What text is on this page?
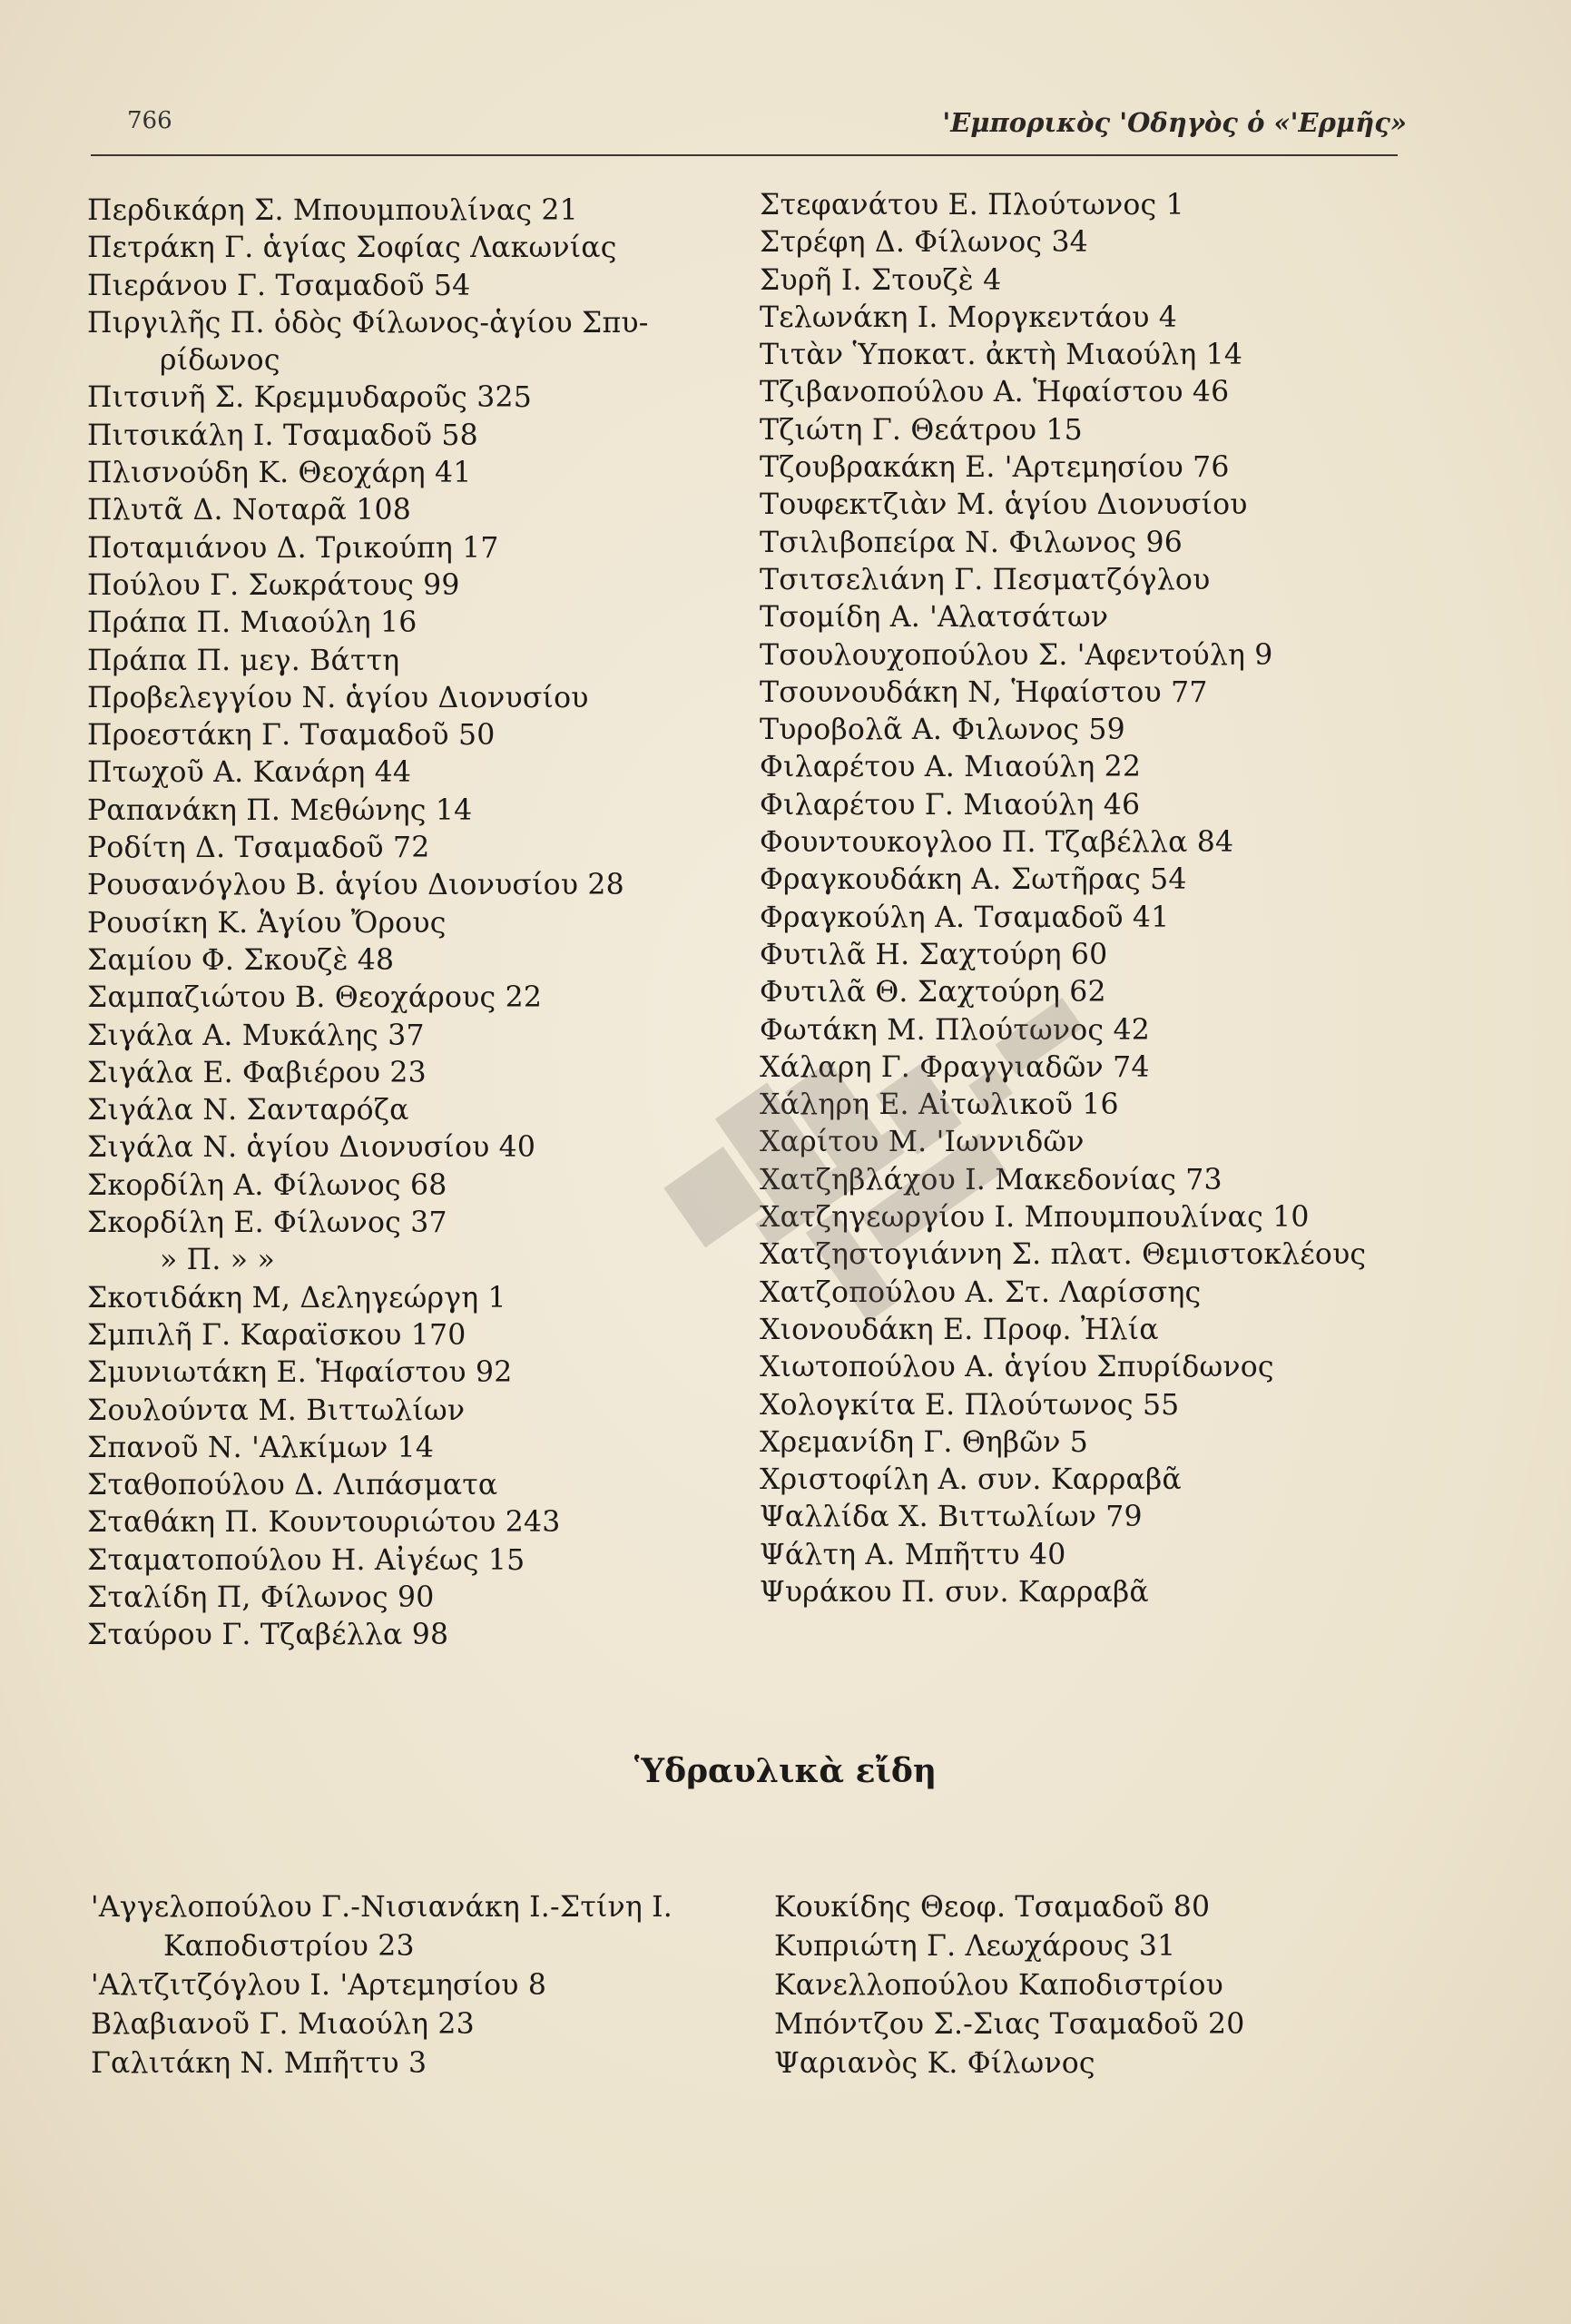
766	'Εμπορικὸς 'Οδηγὸς ὁ «'Ερμῆς»
Περδικάρη Σ. Μπουμπουλίνας 21
Πετράκη Γ. ἁγίας Σοφίας Λακωνίας
Πιεράνου Γ. Τσαμαδοῦ 54
Πιργιλῆς Π. ὁδὸς Φίλωνος-ἁγίου Σπυ-
ρίδωνος
Πιτσινῆ Σ. Κρεμμυδαροῦς 325
Πιτσικάλη Ι. Τσαμαδοῦ 58
Πλισνούδη Κ. Θεοχάρη 41
Πλυτᾶ Δ. Νοταρᾶ 108
Ποταμιάνου Δ. Τρικούπη 17
Πούλου Γ. Σωκράτους 99
Πράπα Π. Μιαούλη 16
Πράπα Π. μεγ. Βάττη
Προβελεγγίου Ν. ἁγίου Διονυσίου
Προεστάκη Γ. Τσαμαδοῦ 50
Πτωχοῦ Α. Κανάρη 44
Ραπανάκη Π. Μεθώνης 14
Ροδίτη Δ. Τσαμαδοῦ 72
Ρουσανόγλου Β. ἁγίου Διονυσίου 28
Ρουσίκη Κ. Ἁγίου Ὄρους
Σαμίου Φ. Σκουζὲ 48
Σαμπαζιώτου Β. Θεοχάρους 22
Σιγάλα Α. Μυκάλης 37
Σιγάλα Ε. Φαβιέρου 23
Σιγάλα Ν. Σανταρόζα
Σιγάλα Ν. ἁγίου Διονυσίου 40
Σκορδίλη Α. Φίλωνος 68
Σκορδίλη Ε. Φίλωνος 37
» Π. » »
Σκοτιδάκη Μ, Δεληγεώργη 1
Σμπιλῆ Γ. Καραϊσκου 170
Σμυνιωτάκη Ε. Ἡφαίστου 92
Σουλούντα Μ. Βιττωλίων
Σπανοῦ Ν. 'Αλκίμων 14
Σταθοπούλου Δ. Λιπάσματα
Σταθάκη Π. Κουντουριώτου 243
Σταματοπούλου Η. Αἰγέως 15
Σταλίδη Π, Φίλωνος 90
Σταύρου Γ. Τζαβέλλα 98
Στεφανάτου Ε. Πλούτωνος 1
Στρέφη Δ. Φίλωνος 34
Συρῆ Ι. Στουζὲ 4
Τελωνάκη Ι. Μοργκεντάου 4
Τιτὰν Ὑποκατ. ἀκτὴ Μιαούλη 14
Τζιβανοπούλου Α. Ἡφαίστου 46
Τζιώτη Γ. Θεάτρου 15
Τζουβρακάκη Ε. 'Αρτεμησίου 76
Τουφεκτζιὰν Μ. ἁγίου Διονυσίου
Τσιλιβοπείρα Ν. Φιλωνος 96
Τσιτσελιάνη Γ. Πεσματζόγλου
Τσομίδη Α. 'Αλατσάτων
Τσουλουχοπούλου Σ. 'Αφεντούλη 9
Τσουνουδάκη Ν, Ἡφαίστου 77
Τυροβολᾶ Α. Φιλωνος 59
Φιλαρέτου Α. Μιαούλη 22
Φιλαρέτου Γ. Μιαούλη 46
Φουντουκογλοο Π. Τζαβέλλα 84
Φραγκουδάκη Α. Σωτῆρας 54
Φραγκούλη Α. Τσαμαδοῦ 41
Φυτιλᾶ Η. Σαχτούρη 60
Φυτιλᾶ Θ. Σαχτούρη 62
Φωτάκη Μ. Πλούτωνος 42
Χάλαρη Γ. Φραγγιαδῶν 74
Χάληρη Ε. Αἰτωλικοῦ 16
Χαρίτου Μ. 'Ιωννιδῶν
Χατζηβλάχου Ι. Μακεδονίας 73
Χατζηγεωργίου Ι. Μπουμπουλίνας 10
Χατζηστογιάννη Σ. πλατ. Θεμιστοκλέους
Χατζοπούλου Α. Στ. Λαρίσσης
Χιονουδάκη Ε. Προφ. Ἠλία
Χιωτοπούλου Α. ἁγίου Σπυρίδωνος
Χολογκίτα Ε. Πλούτωνος 55
Χρεμανίδη Γ. Θηβῶν 5
Χριστοφίλη Α. συν. Καρραβᾶ
Ψαλλίδα Χ. Βιττωλίων 79
Ψάλτη Α. Μπῆττυ 40
Ψυράκου Π. συν. Καρραβᾶ
Ὑδραυλικὰ εἴδη
'Αγγελοπούλου Γ.-Νισιανάκη Ι.-Στίνη Ι.
Καποδιστρίου 23
'Αλτζιτζόγλου Ι. 'Αρτεμησίου 8
Βλαβιανοῦ Γ. Μιαούλη 23
Γαλιτάκη Ν. Μπῆττυ 3
Κουκίδης Θεοφ. Τσαμαδοῦ 80
Κυπριώτη Γ. Λεωχάρους 31
Κανελλοπούλου Καποδιστρίου
Μπόντζου Σ.-Σιας Τσαμαδοῦ 20
Ψαριανὸς Κ. Φίλωνος
